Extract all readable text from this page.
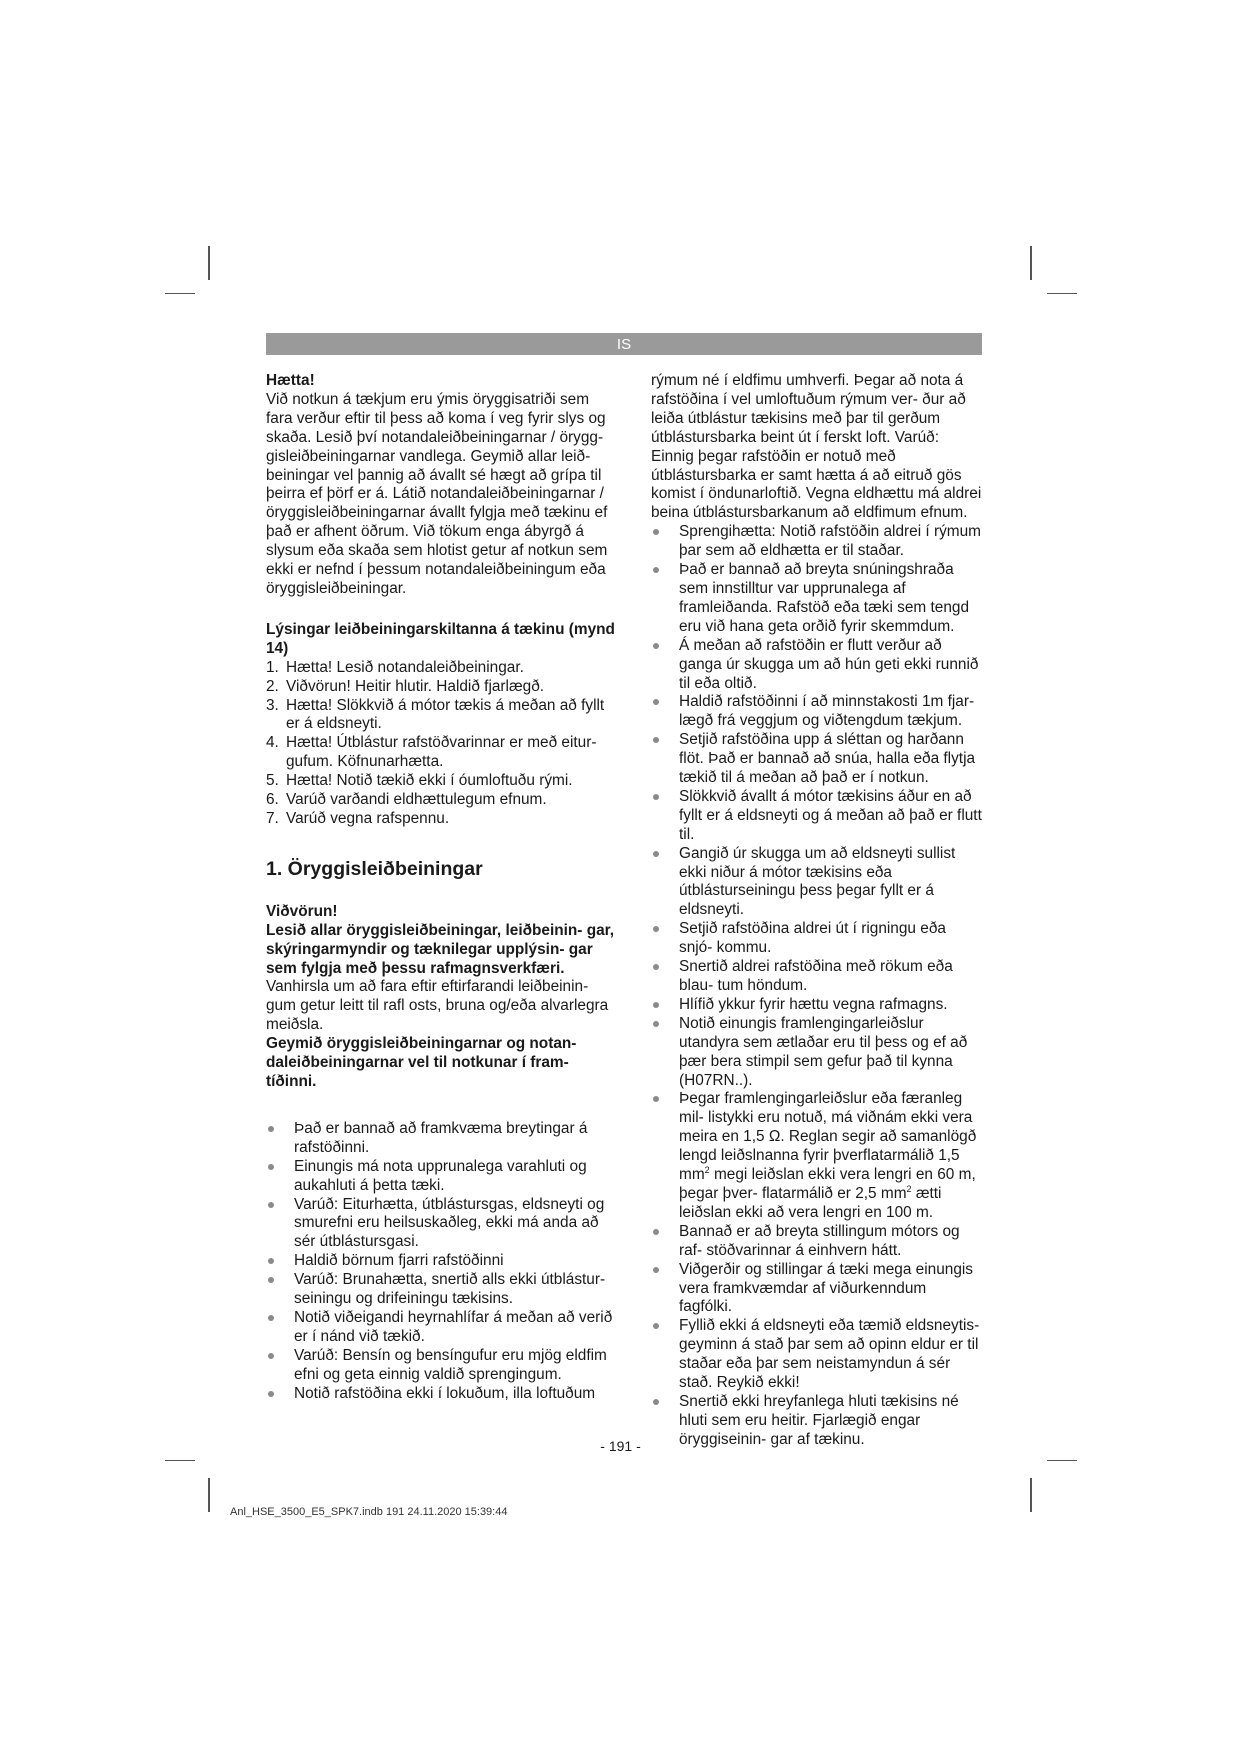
IS

Hætta!

Við notkun á tækjum eru ýmis öryggisatriði sem fara verður eftir til þess að koma í veg fyrir slys og skaða. Lesið því notandaleiðbeiningarnar / örygg- gisleiðbeiningarnar vandlega. Geymið allar leið- beiningar vel þannig að ávallt sé hægt að grípa til þeirra ef þörf er á. Látið notandaleiðbeiningarnar / öryggisleiðbeiningarnar ávallt fylgja með tækinu ef það er afhent öðrum. Við tökum enga ábyrgð á slysum eða skaða sem hlotist getur af notkun sem ekki er nefnd í þessum notandaleiðbeiningum eða öryggisleiðbeiningar.

Lýsingar leiðbeiningarskiltanna á tækinu (mynd 14)

1. Hætta! Lesið notandaleiðbeiningar.
2. Viðvörun! Heitir hlutir. Haldið fjarlægð.
3. Hætta! Slökkvið á mótor tækis á meðan að fyllt er á eldsneyti.
4. Hætta! Útblástur rafstöðvarinnar er með eitur- gufum. Köfnunarhætta.
5. Hætta! Notið tækið ekki í óumloftuðu rými.
6. Varúð varðandi eldhættulegum efnum.
7. Varúð vegna rafspennu.
1. Öryggisleiðbeiningar

Viðvörun!

Lesið allar öryggisleiðbeiningar, leiðbeinin- gar, skýringarmyndir og tæknilegar upplýsin- gar sem fylgja með þessu rafmagnsverkfæri.

Vanhirsla um að fara eftir eftirfarandi leiðbeinin- gum getur leitt til rafl osts, bruna og/eða alvarlegra meiðsla.

Geymið öryggisleiðbeiningarnar og notan- daleiðbeiningarnar vel til notkunar í fram- tíðinni.

Það er bannað að framkvæma breytingar á rafstöðinni.
Einungis má nota upprunalega varahluti og aukahluti á þetta tæki.
Varúð: Eiturhætta, útblástursgas, eldsneyti og smurefni eru heilsuskaðleg, ekki má anda að sér útblástursgasi.
Haldið börnum fjarri rafstöðinni
Varúð: Brunahætta, snertið alls ekki útblástur- seiningu og drifeiningu tækisins.
Notið viðeigandi heyrnahlífar á meðan að verið er í nánd við tækið.
Varúð: Bensín og bensíngufur eru mjög eldfim efni og geta einnig valdið sprengingum.
Notið rafstöðina ekki í lokuðum, illa loftuðum

rýmum né í eldfimu umhverfi. Þegar að nota á rafstöðina í vel umloftuðum rýmum ver- ður að leiða útblástur tækisins með þar til gerðum útblástursbarka beint út í ferskt loft. Varúð: Einnig þegar rafstöðin er notuð með útblástursbarka er samt hætta á að eitruð gös komist í öndunarloftið. Vegna eldhættu má aldrei beina útblástursbarkanum að eldfimum efnum.

Sprengihætta: Notið rafstöðin aldrei í rýmum þar sem að eldhætta er til staðar.
Það er bannað að breyta snúningshraða sem innstilltur var upprunalega af framleiðanda. Rafstöð eða tæki sem tengd eru við hana geta orðið fyrir skemmdum.
Á meðan að rafstöðin er flutt verður að ganga úr skugga um að hún geti ekki runnið til eða oltið.
Haldið rafstöðinni í að minnstakosti 1m fjar- lægð frá veggjum og viðtengdum tækjum.
Setjið rafstöðina upp á sléttan og harðann flöt. Það er bannað að snúa, halla eða flytja tækið til á meðan að það er í notkun.
Slökkvið ávallt á mótor tækisins áður en að fyllt er á eldsneyti og á meðan að það er flutt til.
Gangið úr skugga um að eldsneyti sullist ekki niður á mótor tækisins eða útblásturseiningu þess þegar fyllt er á eldsneyti.
Setjið rafstöðina aldrei út í rigningu eða snjó- kommu.
Snertið aldrei rafstöðina með rökum eða blau- tum höndum.
Hlífið ykkur fyrir hættu vegna rafmagns.
Notið einungis framlengingarleiðslur utandyra sem ætlaðar eru til þess og ef að þær bera stimpil sem gefur það til kynna (H07RN..).
Þegar framlengingarleiðslur eða færanleg mil- listykki eru notuð, má viðnám ekki vera meira en 1,5 Ω. Reglan segir að samanlögð lengd leiðslnanna fyrir þverflatarmálið 1,5 $mm^2$ megi leiðslan ekki vera lengri en 60 m, þegar þver- flatarmálið er 2,5 $mm^2$ ætti leiðslan ekki að vera lengri en 100 m.
Bannað er að breyta stillingum mótors og raf- stöðvarinnar á einhvern hátt.
Viðgerðir og stillingar á tæki mega einungis vera framkvæmdar af viðurkenndum fagfólki.
Fyllið ekki á eldsneyti eða tæmið eldsneytis- geyminn á stað þar sem að opinn eldur er til staðar eða þar sem neistamyndun á sér stað. Reykið ekki!
Snertið ekki hreyfanlega hluti tækisins né hluti sem eru heitir. Fjarlægið engar öryggiseinin- gar af tækinu.
- 191 -
Anl_HSE_3500_E5_SPK7.indb 191 24.11.2020 15:39:44
